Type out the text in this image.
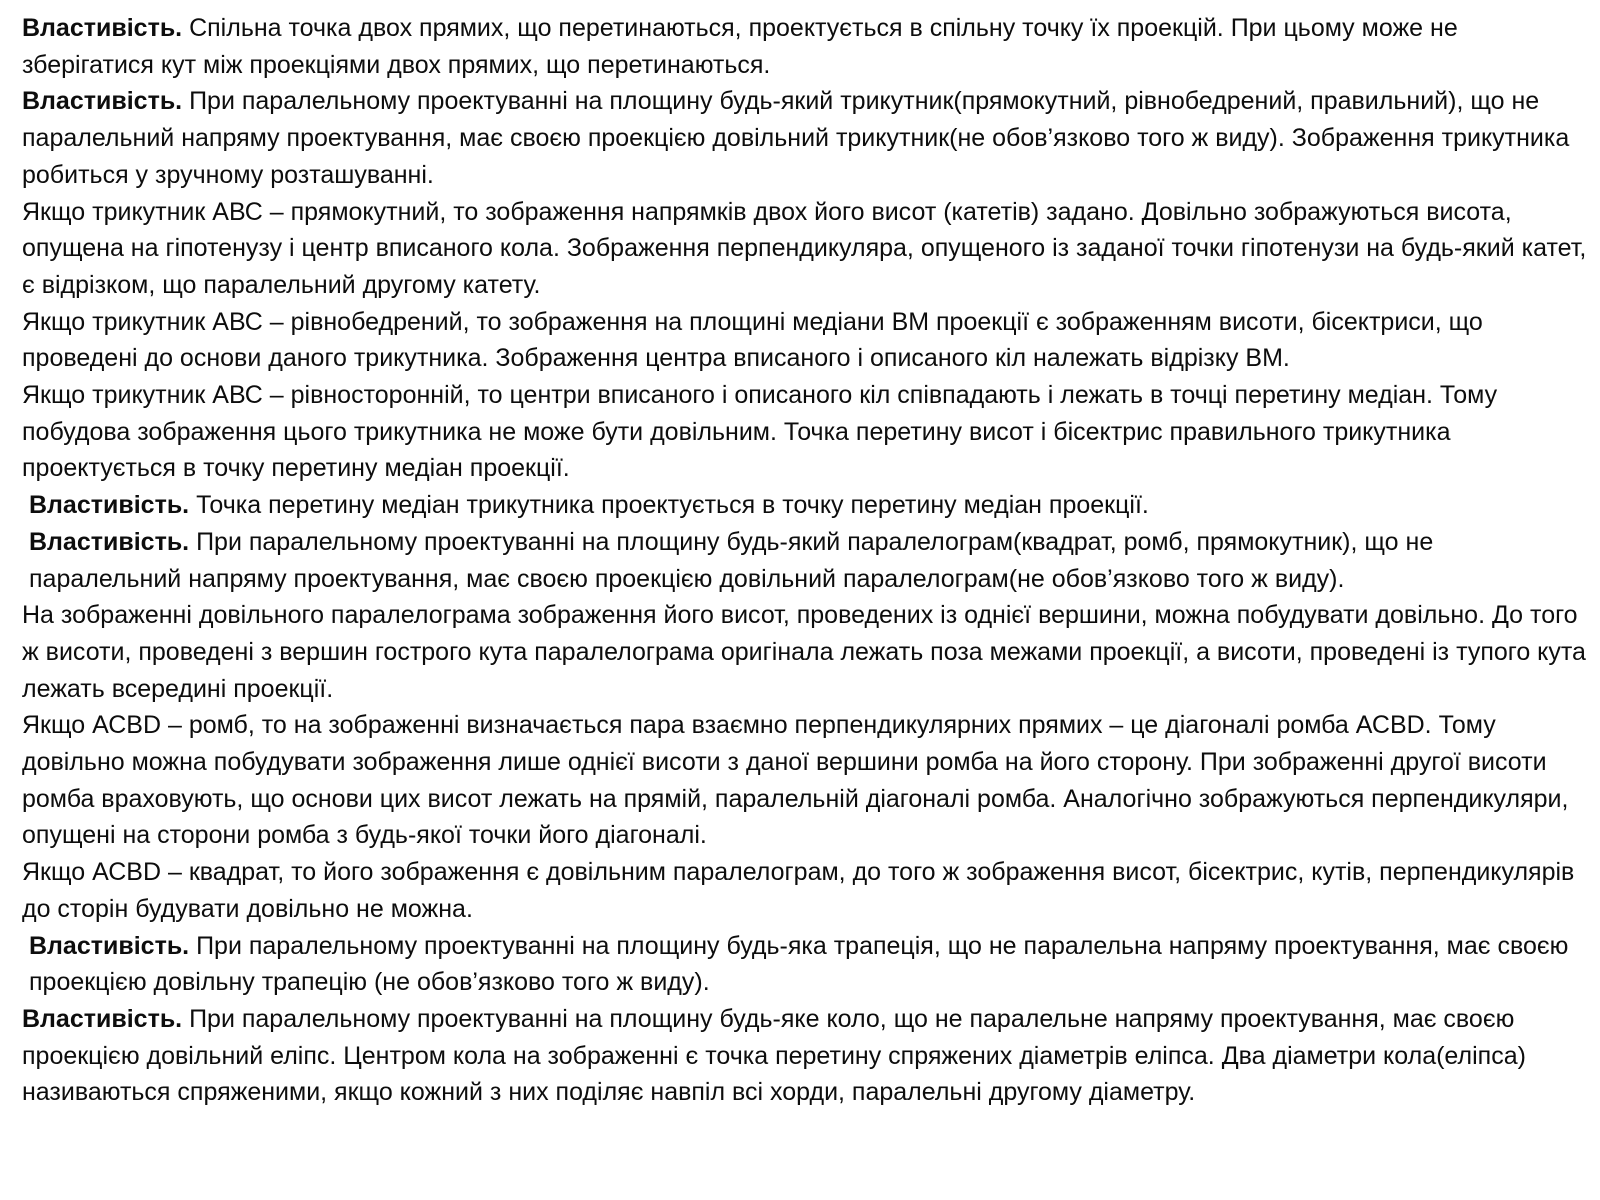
Властивість. Спільна точка двох прямих, що перетинаються, проектується в спільну точку їх проекцій. При цьому може не зберігатися кут між проекціями двох прямих, що перетинаються.

Властивість. При паралельному проектуванні на площину будь-який трикутник(прямокутний, рівнобедрений, правильний), що не паралельний напряму проектування, має своєю проекцією довільний трикутник(не обов’язково того ж виду). Зображення трикутника робиться у зручному розташуванні.

Якщо трикутник АВС – прямокутний, то зображення напрямків двох його висот (катетів) задано. Довільно зображуються висота, опущена на гіпотенузу і центр вписаного кола. Зображення перпендикуляра, опущеного із заданої точки гіпотенузи на будь-який катет, є відрізком, що паралельний другому катету.

Якщо трикутник АВС – рівнобедрений, то зображення на площині медіани ВМ проекції є зображенням висоти, бісектриси, що проведені до основи даного трикутника. Зображення центра вписаного і описаного кіл належать відрізку ВМ.

Якщо трикутник АВС – рівносторонній, то центри вписаного і описаного кіл співпадають і лежать в точці перетину медіан. Тому побудова зображення цього трикутника не може бути довільним. Точка перетину висот і бісектрис правильного трикутника проектується в точку перетину медіан проекції.

Властивість. Точка перетину медіан трикутника проектується в точку перетину медіан проекції.

Властивість. При паралельному проектуванні на площину будь-який паралелограм(квадрат, ромб, прямокутник), що не паралельний напряму проектування, має своєю проекцією довільний паралелограм(не обов’язково того ж виду).

На зображенні довільного паралелограма зображення його висот, проведених із однієї вершини, можна побудувати довільно. До того ж висоти, проведені з вершин гострого кута паралелограма оригінала лежать поза межами проекції, а висоти, проведені із тупого кута лежать всередині проекції.

Якщо АСВD – ромб, то на зображенні визначається пара взаємно перпендикулярних прямих – це діагоналі ромба АСВD. Тому довільно можна побудувати зображення лише однієї висоти з даної вершини ромба на його сторону. При зображенні другої висоти ромба враховують, що основи цих висот лежать на прямій, паралельній діагоналі ромба. Аналогічно зображуються перпендикуляри, опущені на сторони ромба з будь-якої точки його діагоналі.

Якщо АСВD – квадрат, то його зображення є довільним паралелограм, до того ж зображення висот, бісектрис, кутів, перпендикулярів до сторін будувати довільно не можна.

Властивість. При паралельному проектуванні на площину будь-яка трапеція, що не паралельна напряму проектування, має своєю проекцією довільну трапецію (не обов’язково того ж виду).

Властивість. При паралельному проектуванні на площину будь-яке коло, що не паралельне напряму проектування, має своєю проекцією довільний еліпс. Центром кола на зображенні є точка перетину спряжених діаметрів еліпса. Два діаметри кола(еліпса) називаються спряженими, якщо кожний з них поділяє навпіл всі хорди, паралельні другому діаметру.
